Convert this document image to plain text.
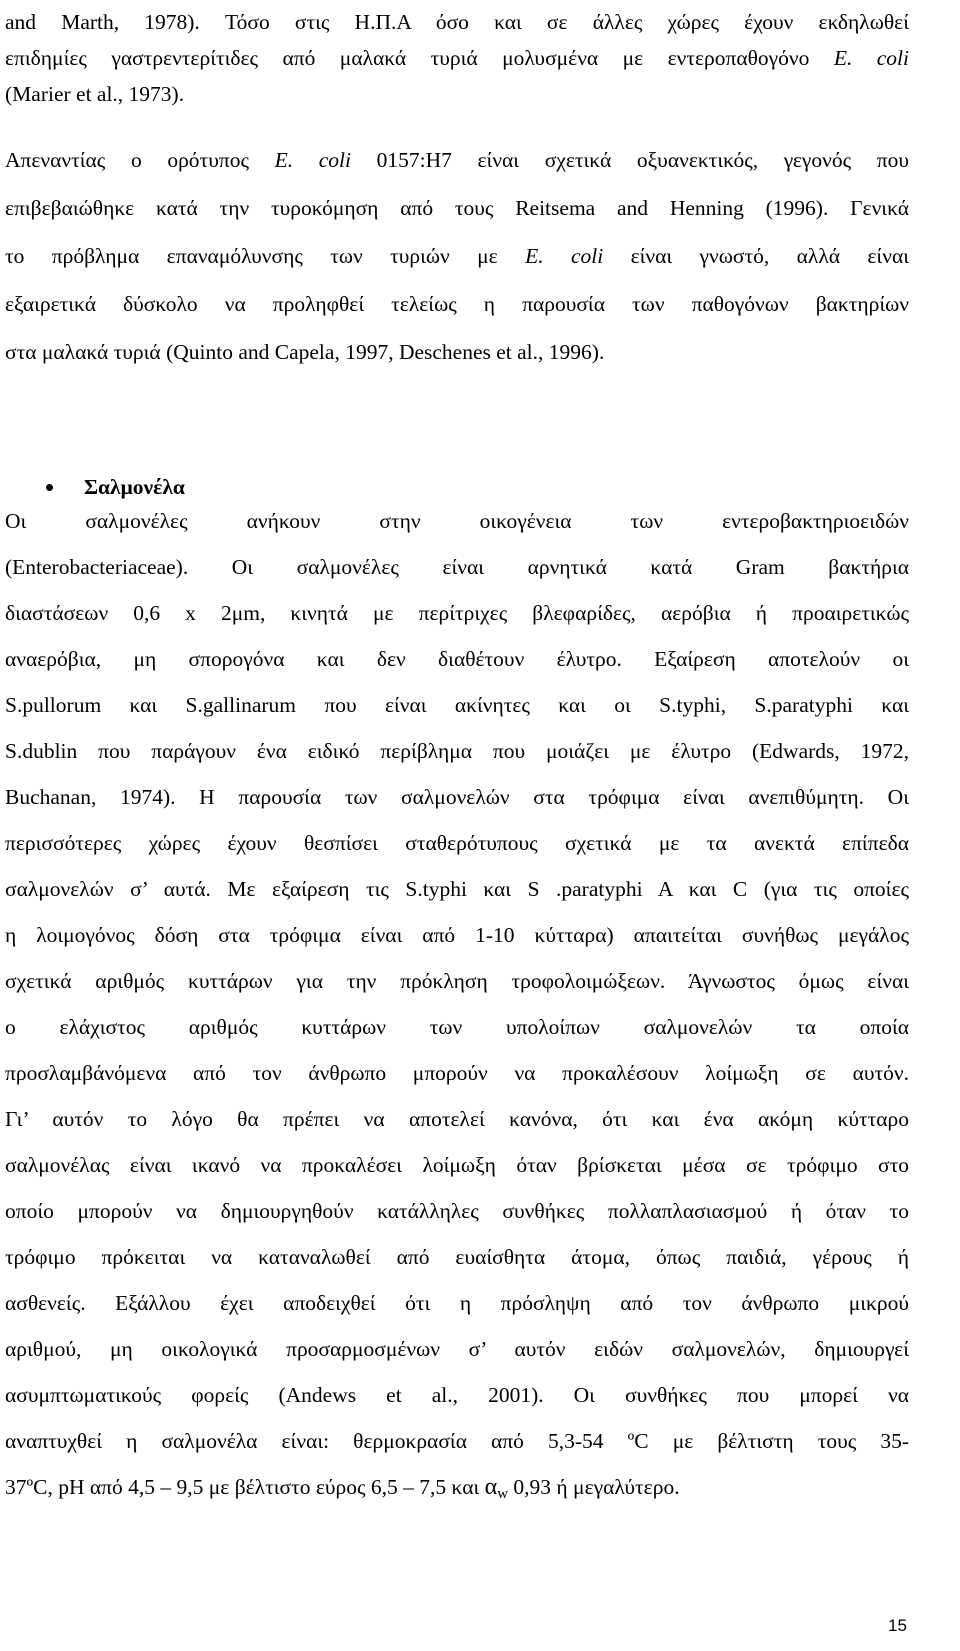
and Marth, 1978). Τόσο στις Η.Π.Α όσο και σε άλλες χώρες έχουν εκδηλωθεί
επιδημίες γαστρεντερίτιδες από μαλακά τυριά μολυσμένα με εντεροπαθογόνο E. coli
(Marier et al., 1973).
Απεναντίας ο ορότυπος E. coli 0157:H7 είναι σχετικά οξυανεκτικός, γεγονός που
επιβεβαιώθηκε κατά την τυροκόμηση από τους Reitsema and Henning (1996). Γενικά
το πρόβλημα επαναμόλυνσης των τυριών με E. coli είναι γνωστό, αλλά είναι
εξαιρετικά δύσκολο να προληφθεί τελείως η παρουσία των παθογόνων βακτηρίων
στα μαλακά τυριά (Quinto and Capela, 1997, Deschenes et al., 1996).
Σαλμονέλα
Οι σαλμονέλες ανήκουν στην οικογένεια των εντεροβακτηριοειδών
(Enterobacteriaceae). Οι σαλμονέλες είναι αρνητικά κατά Gram βακτήρια
διαστάσεων 0,6 x 2μm, κινητά με περίτριχες βλεφαρίδες, αερόβια ή προαιρετικώς
αναερόβια, μη σπορογόνα και δεν διαθέτουν έλυτρο. Εξαίρεση αποτελούν οι
S.pullorum και S.gallinarum που είναι ακίνητες και οι S.typhi, S.paratyphi και
S.dublin που παράγουν ένα ειδικό περίβλημα που μοιάζει με έλυτρο (Edwards, 1972,
Buchanan, 1974). Η παρουσία των σαλμονελών στα τρόφιμα είναι ανεπιθύμητη. Οι
περισσότερες χώρες έχουν θεσπίσει σταθερότυπους σχετικά με τα ανεκτά επίπεδα
σαλμονελών σ’ αυτά. Με εξαίρεση τις S.typhi και S .paratyphi A και C (για τις οποίες
η λοιμογόνος δόση στα τρόφιμα είναι από 1-10 κύτταρα) απαιτείται συνήθως μεγάλος
σχετικά αριθμός κυττάρων για την πρόκληση τροφολοιμώξεων. Άγνωστος όμως είναι
ο ελάχιστος αριθμός κυττάρων των υπολοίπων σαλμονελών τα οποία
προσλαμβάνόμενα από τον άνθρωπο μπορούν να προκαλέσουν λοίμωξη σε αυτόν.
Γι’ αυτόν το λόγο θα πρέπει να αποτελεί κανόνα, ότι και ένα ακόμη κύτταρο
σαλμονέλας είναι ικανό να προκαλέσει λοίμωξη όταν βρίσκεται μέσα σε τρόφιμο στο
οποίο μπορούν να δημιουργηθούν κατάλληλες συνθήκες πολλαπλασιασμού ή όταν το
τρόφιμο πρόκειται να καταναλωθεί από ευαίσθητα άτομα, όπως παιδιά, γέρους ή
ασθενείς. Εξάλλου έχει αποδειχθεί ότι η πρόσληψη από τον άνθρωπο μικρού
αριθμού, μη οικολογικά προσαρμοσμένων σ’ αυτόν ειδών σαλμονελών, δημιουργεί
ασυμπτωματικούς φορείς (Andews et al., 2001). Οι συνθήκες που μπορεί να
αναπτυχθεί η σαλμονέλα είναι: θερμοκρασία από 5,3-54 ºC με βέλτιστη τους 35-
37ºC, pH από 4,5 – 9,5 με βέλτιστο εύρος 6,5 – 7,5 και $\alpha_w$ 0,93 ή μεγαλύτερο.
15
